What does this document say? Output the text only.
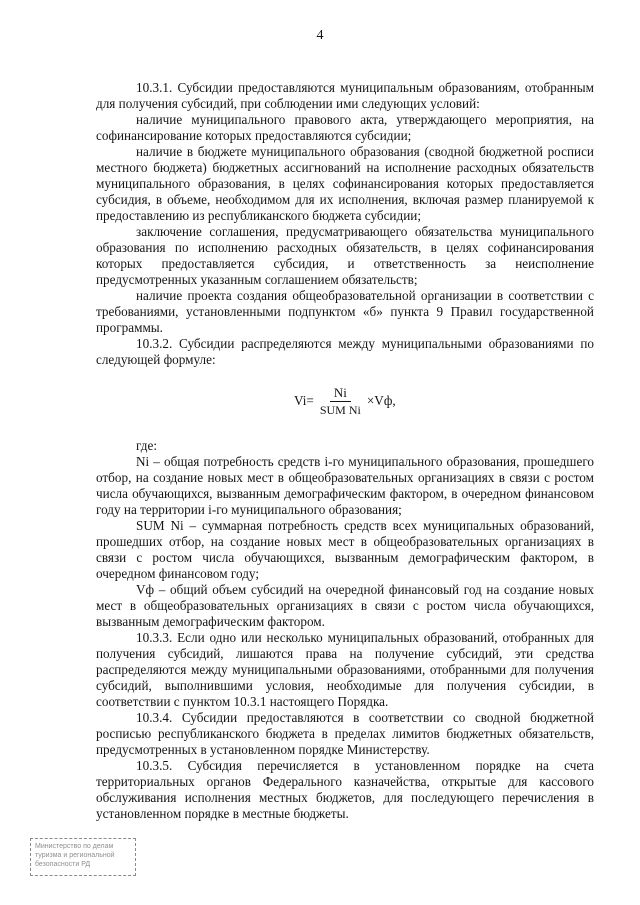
4

10.3.1. Субсидии предоставляются муниципальным образованиям, отобранным для получения субсидий, при соблюдении ими следующих условий:

наличие муниципального правового акта, утверждающего мероприятия, на софинансирование которых предоставляются субсидии;

наличие в бюджете муниципального образования (сводной бюджетной росписи местного бюджета) бюджетных ассигнований на исполнение расходных обязательств муниципального образования, в целях софинансирования которых предоставляется субсидия, в объеме, необходимом для их исполнения, включая размер планируемой к предоставлению из республиканского бюджета субсидии;

заключение соглашения, предусматривающего обязательства муниципального образования по исполнению расходных обязательств, в целях софинансирования которых предоставляется субсидия, и ответственность за неисполнение предусмотренных указанным соглашением обязательств;

наличие проекта создания общеобразовательной организации в соответствии с требованиями, установленными подпунктом «б» пункта 9 Правил государственной программы.

10.3.2. Субсидии распределяются между муниципальными образованиями по следующей формуле:

$Vi= \frac{Ni}{\text{SUM Ni}} \times Vф$,

где:

Ni – общая потребность средств i-го муниципального образования, прошедшего отбор, на создание новых мест в общеобразовательных организациях в связи с ростом числа обучающихся, вызванным демографическим фактором, в очередном финансовом году на территории i-го муниципального образования;

SUM Ni – суммарная потребность средств всех муниципальных образований, прошедших отбор, на создание новых мест в общеобразовательных организациях в связи с ростом числа обучающихся, вызванным демографическим фактором, в очередном финансовом году;

Vф – общий объем субсидий на очередной финансовый год на создание новых мест в общеобразовательных организациях в связи с ростом числа обучающихся, вызванным демографическим фактором.

10.3.3. Если одно или несколько муниципальных образований, отобранных для получения субсидий, лишаются права на получение субсидий, эти средства распределяются между муниципальными образованиями, отобранными для получения субсидий, выполнившими условия, необходимые для получения субсидии, в соответствии с пунктом 10.3.1 настоящего Порядка.

10.3.4. Субсидии предоставляются в соответствии со сводной бюджетной росписью республиканского бюджета в пределах лимитов бюджетных обязательств, предусмотренных в установленном порядке Министерству.

10.3.5. Субсидия перечисляется в установленном порядке на счета территориальных органов Федерального казначейства, открытые для кассового обслуживания исполнения местных бюджетов, для последующего перечисления в установленном порядке в местные бюджеты.

Министерство по делам
туризма и региональной
безопасности РД
